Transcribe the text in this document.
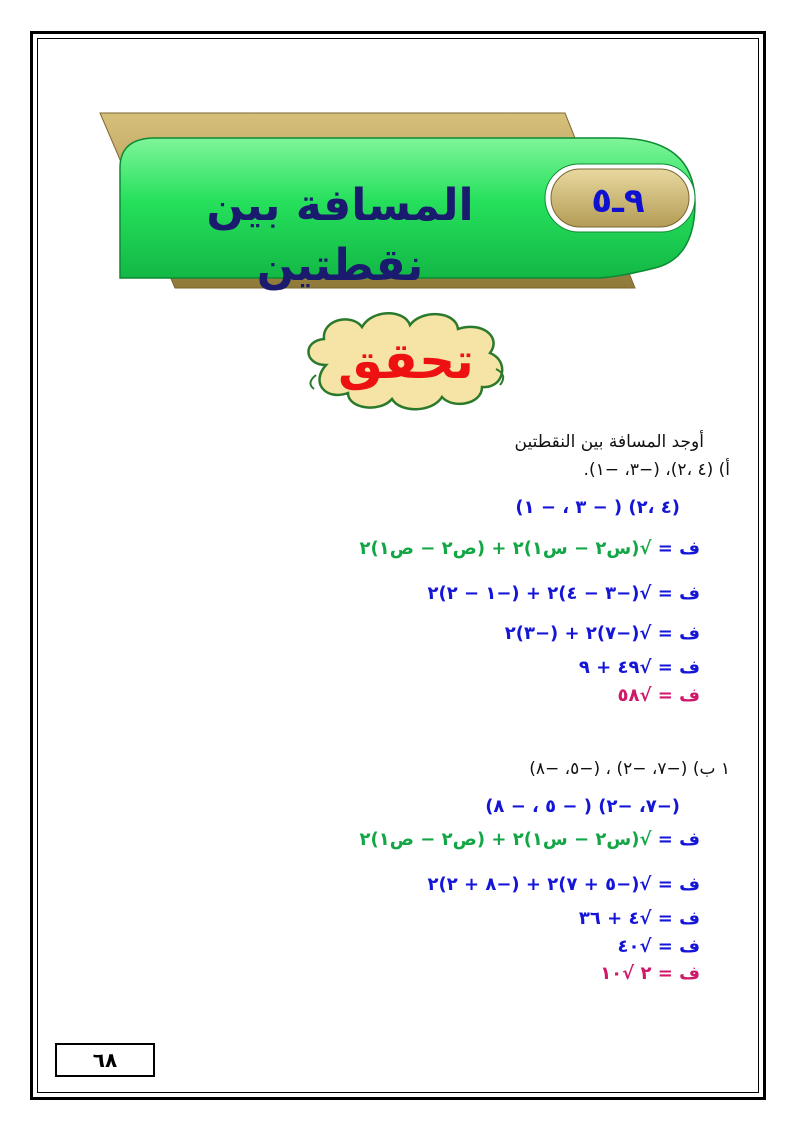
المسافة بين نقطتين
٩ـ٥
تحقق
أوجد المسافة بين النقطتين
أ) (٤ ،٢)، (−٣، −١).
(٤ ،٢) ( − ٣ ، − ١)
ف = √(س٢ − س١)٢ + (ص٢ − ص١)٢
ف = √(−٣ − ٤)٢ + (−١ − ٢)٢
ف = √(−٧)٢ + (−٣)٢
ف = √٤٩ + ٩
ف = √٥٨
١ ب) (−٧، −٢) ، (−٥، −٨)
(−٧، −٢) ( − ٥ ، − ٨)
ف = √(س٢ − س١)٢ + (ص٢ − ص١)٢
ف = √(−٥ + ٧)٢ + (−٨ + ٢)٢
ف = √٤ + ٣٦
ف = √٤٠
ف = ٢ √١٠
٦٨
